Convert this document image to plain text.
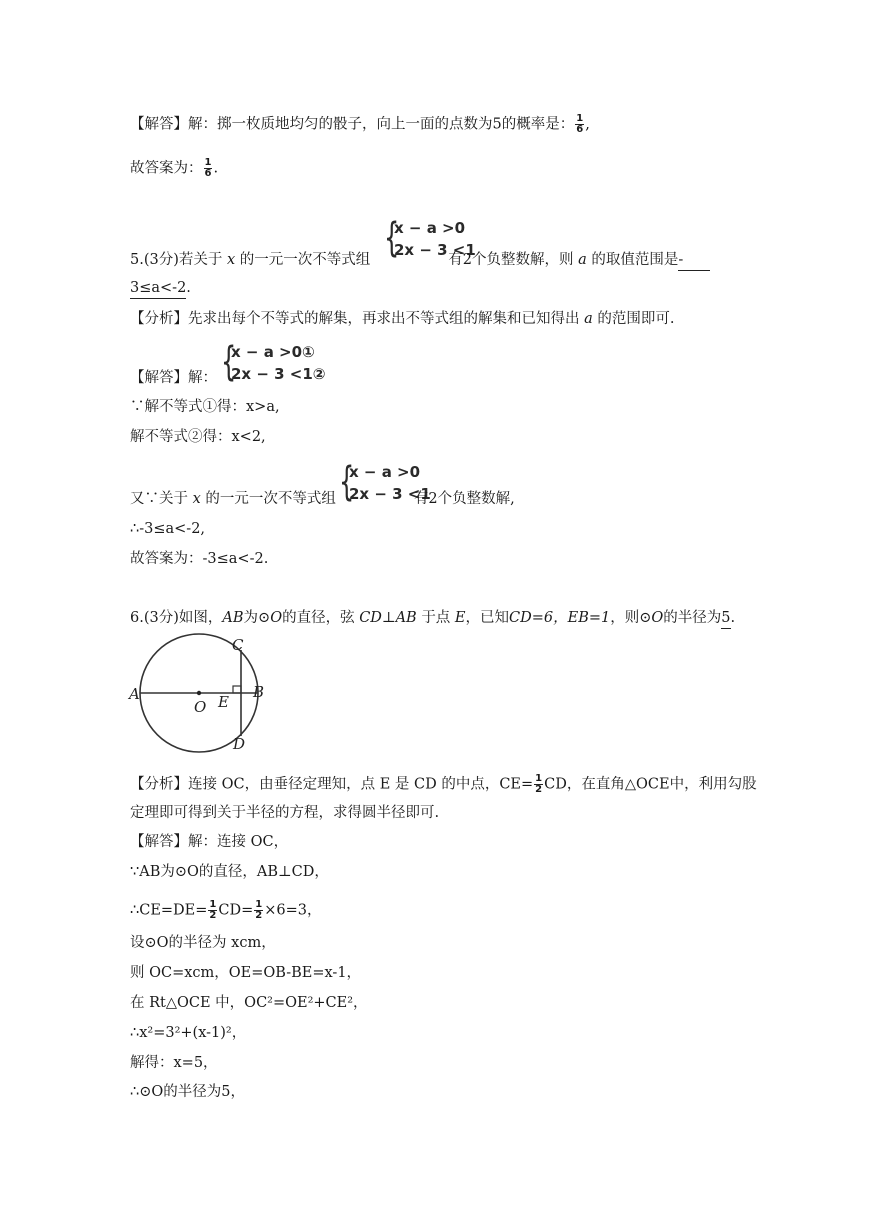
【解答】解：掷一枚质地均匀的骰子，向上一面的点数为5的概率是： $\frac{1}{6}$ ,
故答案为： $\frac{1}{6}$ .
{
x − a >0
2x − 3 <1
5.(3分)若关于 x 的一元一次不等式组	有2个负整数解，则 a 的取值范围是-
3≤a<-2.
【分析】先求出每个不等式的解集，再求出不等式组的解集和已知得出 a 的范围即可.
{
x − a >0①
2x − 3 <1②
【解答】解：
∵解不等式①得：x>a,
解不等式②得：x<2,
{
x − a >0
2x − 3 <1
又∵关于 x 的一元一次不等式组	有2个负整数解,
∴-3≤a<-2,
故答案为：-3≤a<-2.
6.(3分)如图，AB为⊙O的直径，弦 CD⊥AB 于点 E，已知CD=6，EB=1，则⊙O的半径为5.
A
O E
B
C
D
【分析】连接 OC，由垂径定理知，点 E 是 CD 的中点，$CE= \frac{1}{2}$ CD，在直角△OCE中，利用勾股
定理即可得到关于半径的方程，求得圆半径即可.
【解答】解：连接 OC，
∵AB为⊙O的直径，AB⊥CD，
∴CE=DE= $\frac{1}{2} CD= \frac{1}{2} \times 6=3$，
设⊙O的半径为 xcm，
则 OC=xcm，OE=OB-BE=x-1，
在 Rt△OCE 中，OC²=OE²+CE²，
∴x²=3²+(x-1)²，
解得：x=5，
∴⊙O的半径为5，
